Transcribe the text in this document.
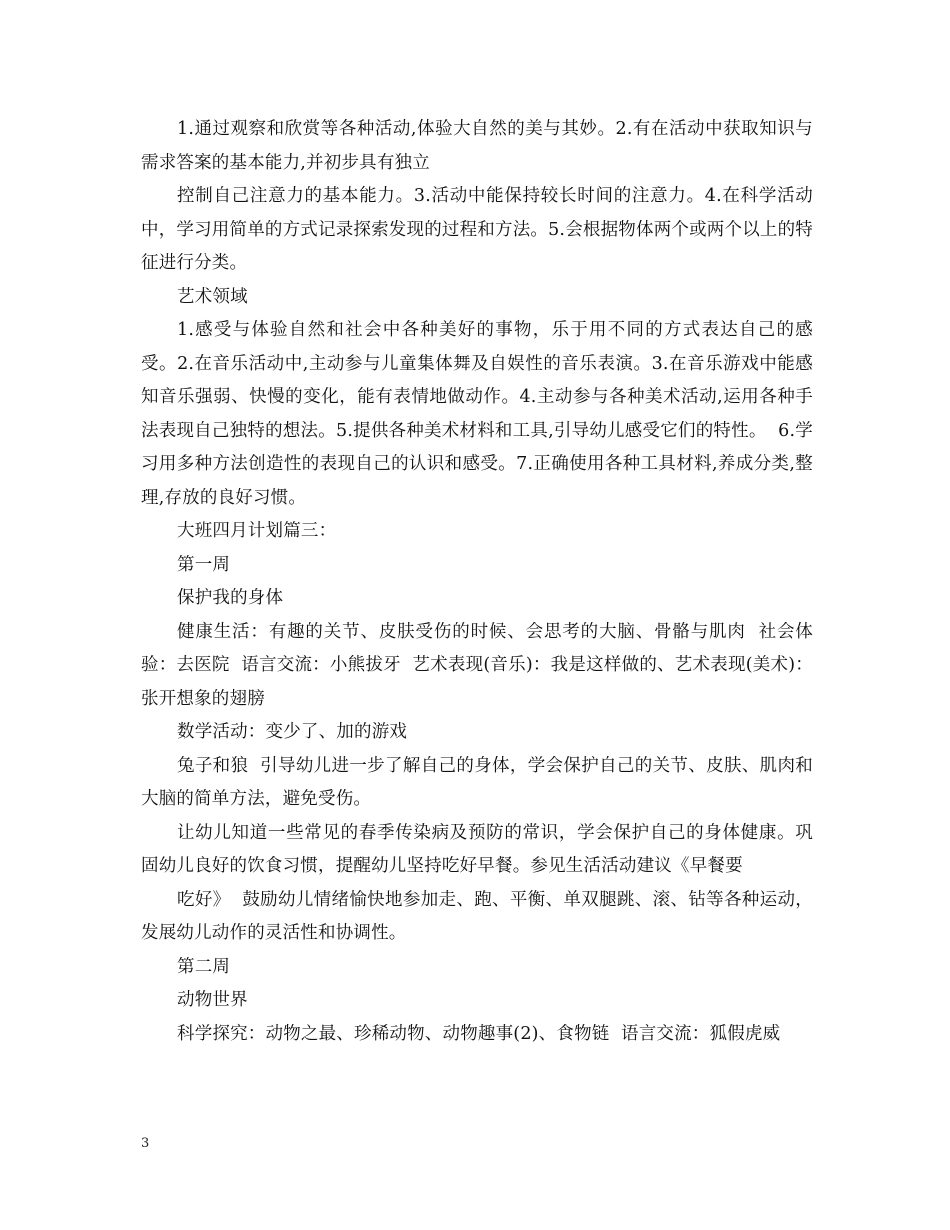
1.通过观察和欣赏等各种活动,体验大自然的美与其妙。2.有在活动中获取知识与需求答案的基本能力,并初步具有独立

控制自己注意力的基本能力。3.活动中能保持较长时间的注意力。4.在科学活动中，学习用简单的方式记录探索发现的过程和方法。5.会根据物体两个或两个以上的特征进行分类。

艺术领域

1.感受与体验自然和社会中各种美好的事物，乐于用不同的方式表达自己的感受。2.在音乐活动中,主动参与儿童集体舞及自娱性的音乐表演。3.在音乐游戏中能感知音乐强弱、快慢的变化，能有表情地做动作。4.主动参与各种美术活动,运用各种手法表现自己独特的想法。5.提供各种美术材料和工具,引导幼儿感受它们的特性。  6.学习用多种方法创造性的表现自己的认识和感受。7.正确使用各种工具材料,养成分类,整理,存放的良好习惯。

大班四月计划篇三：

第一周

保护我的身体

健康生活：有趣的关节、皮肤受伤的时候、会思考的大脑、骨骼与肌肉  社会体验：去医院  语言交流：小熊拔牙  艺术表现(音乐)：我是这样做的、艺术表现(美术)：张开想象的翅膀

数学活动：变少了、加的游戏

兔子和狼  引导幼儿进一步了解自己的身体，学会保护自己的关节、皮肤、肌肉和大脑的简单方法，避免受伤。

让幼儿知道一些常见的春季传染病及预防的常识，学会保护自己的身体健康。巩固幼儿良好的饮食习惯，提醒幼儿坚持吃好早餐。参见生活活动建议《早餐要

吃好》  鼓励幼儿情绪愉快地参加走、跑、平衡、单双腿跳、滚、钻等各种运动，发展幼儿动作的灵活性和协调性。

第二周

动物世界

科学探究：动物之最、珍稀动物、动物趣事(2)、食物链  语言交流：狐假虎威

3
